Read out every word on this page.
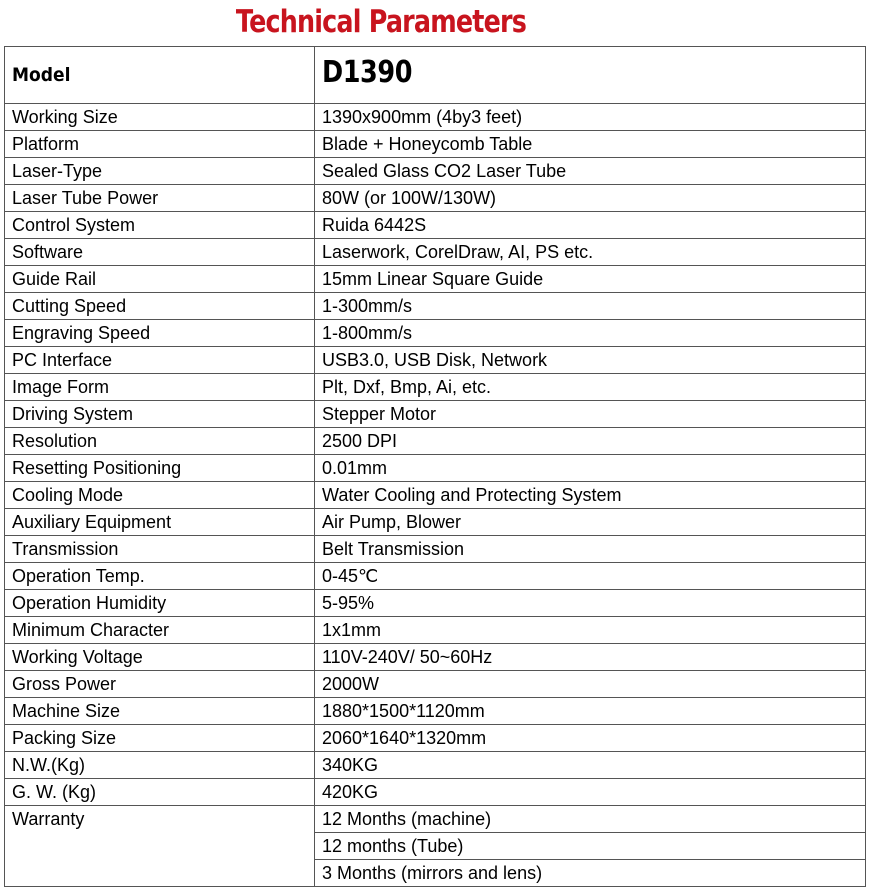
Technical Parameters
Model	D1390
Working Size	1390x900mm (4by3 feet)
Platform	Blade + Honeycomb Table
Laser-Type	Sealed Glass CO2 Laser Tube
Laser Tube Power	80W (or 100W/130W)
Control System	Ruida 6442S
Software	Laserwork, CorelDraw, AI, PS etc.
Guide Rail	15mm Linear Square Guide
Cutting Speed	1-300mm/s
Engraving Speed	1-800mm/s
PC Interface	USB3.0, USB Disk, Network
Image Form	Plt, Dxf, Bmp, Ai, etc.
Driving System	Stepper Motor
Resolution	2500 DPI
Resetting Positioning	0.01mm
Cooling Mode	Water Cooling and Protecting System
Auxiliary Equipment	Air Pump, Blower
Transmission	Belt Transmission
Operation Temp.	0-45℃
Operation Humidity	5-95%
Minimum Character	1x1mm
Working Voltage	110V-240V/ 50~60Hz
Gross Power	2000W
Machine Size	1880*1500*1120mm
Packing Size	2060*1640*1320mm
N.W.(Kg)	340KG
G. W. (Kg)	420KG
Warranty	12 Months (machine)
	12 months (Tube)
	3 Months (mirrors and lens)
